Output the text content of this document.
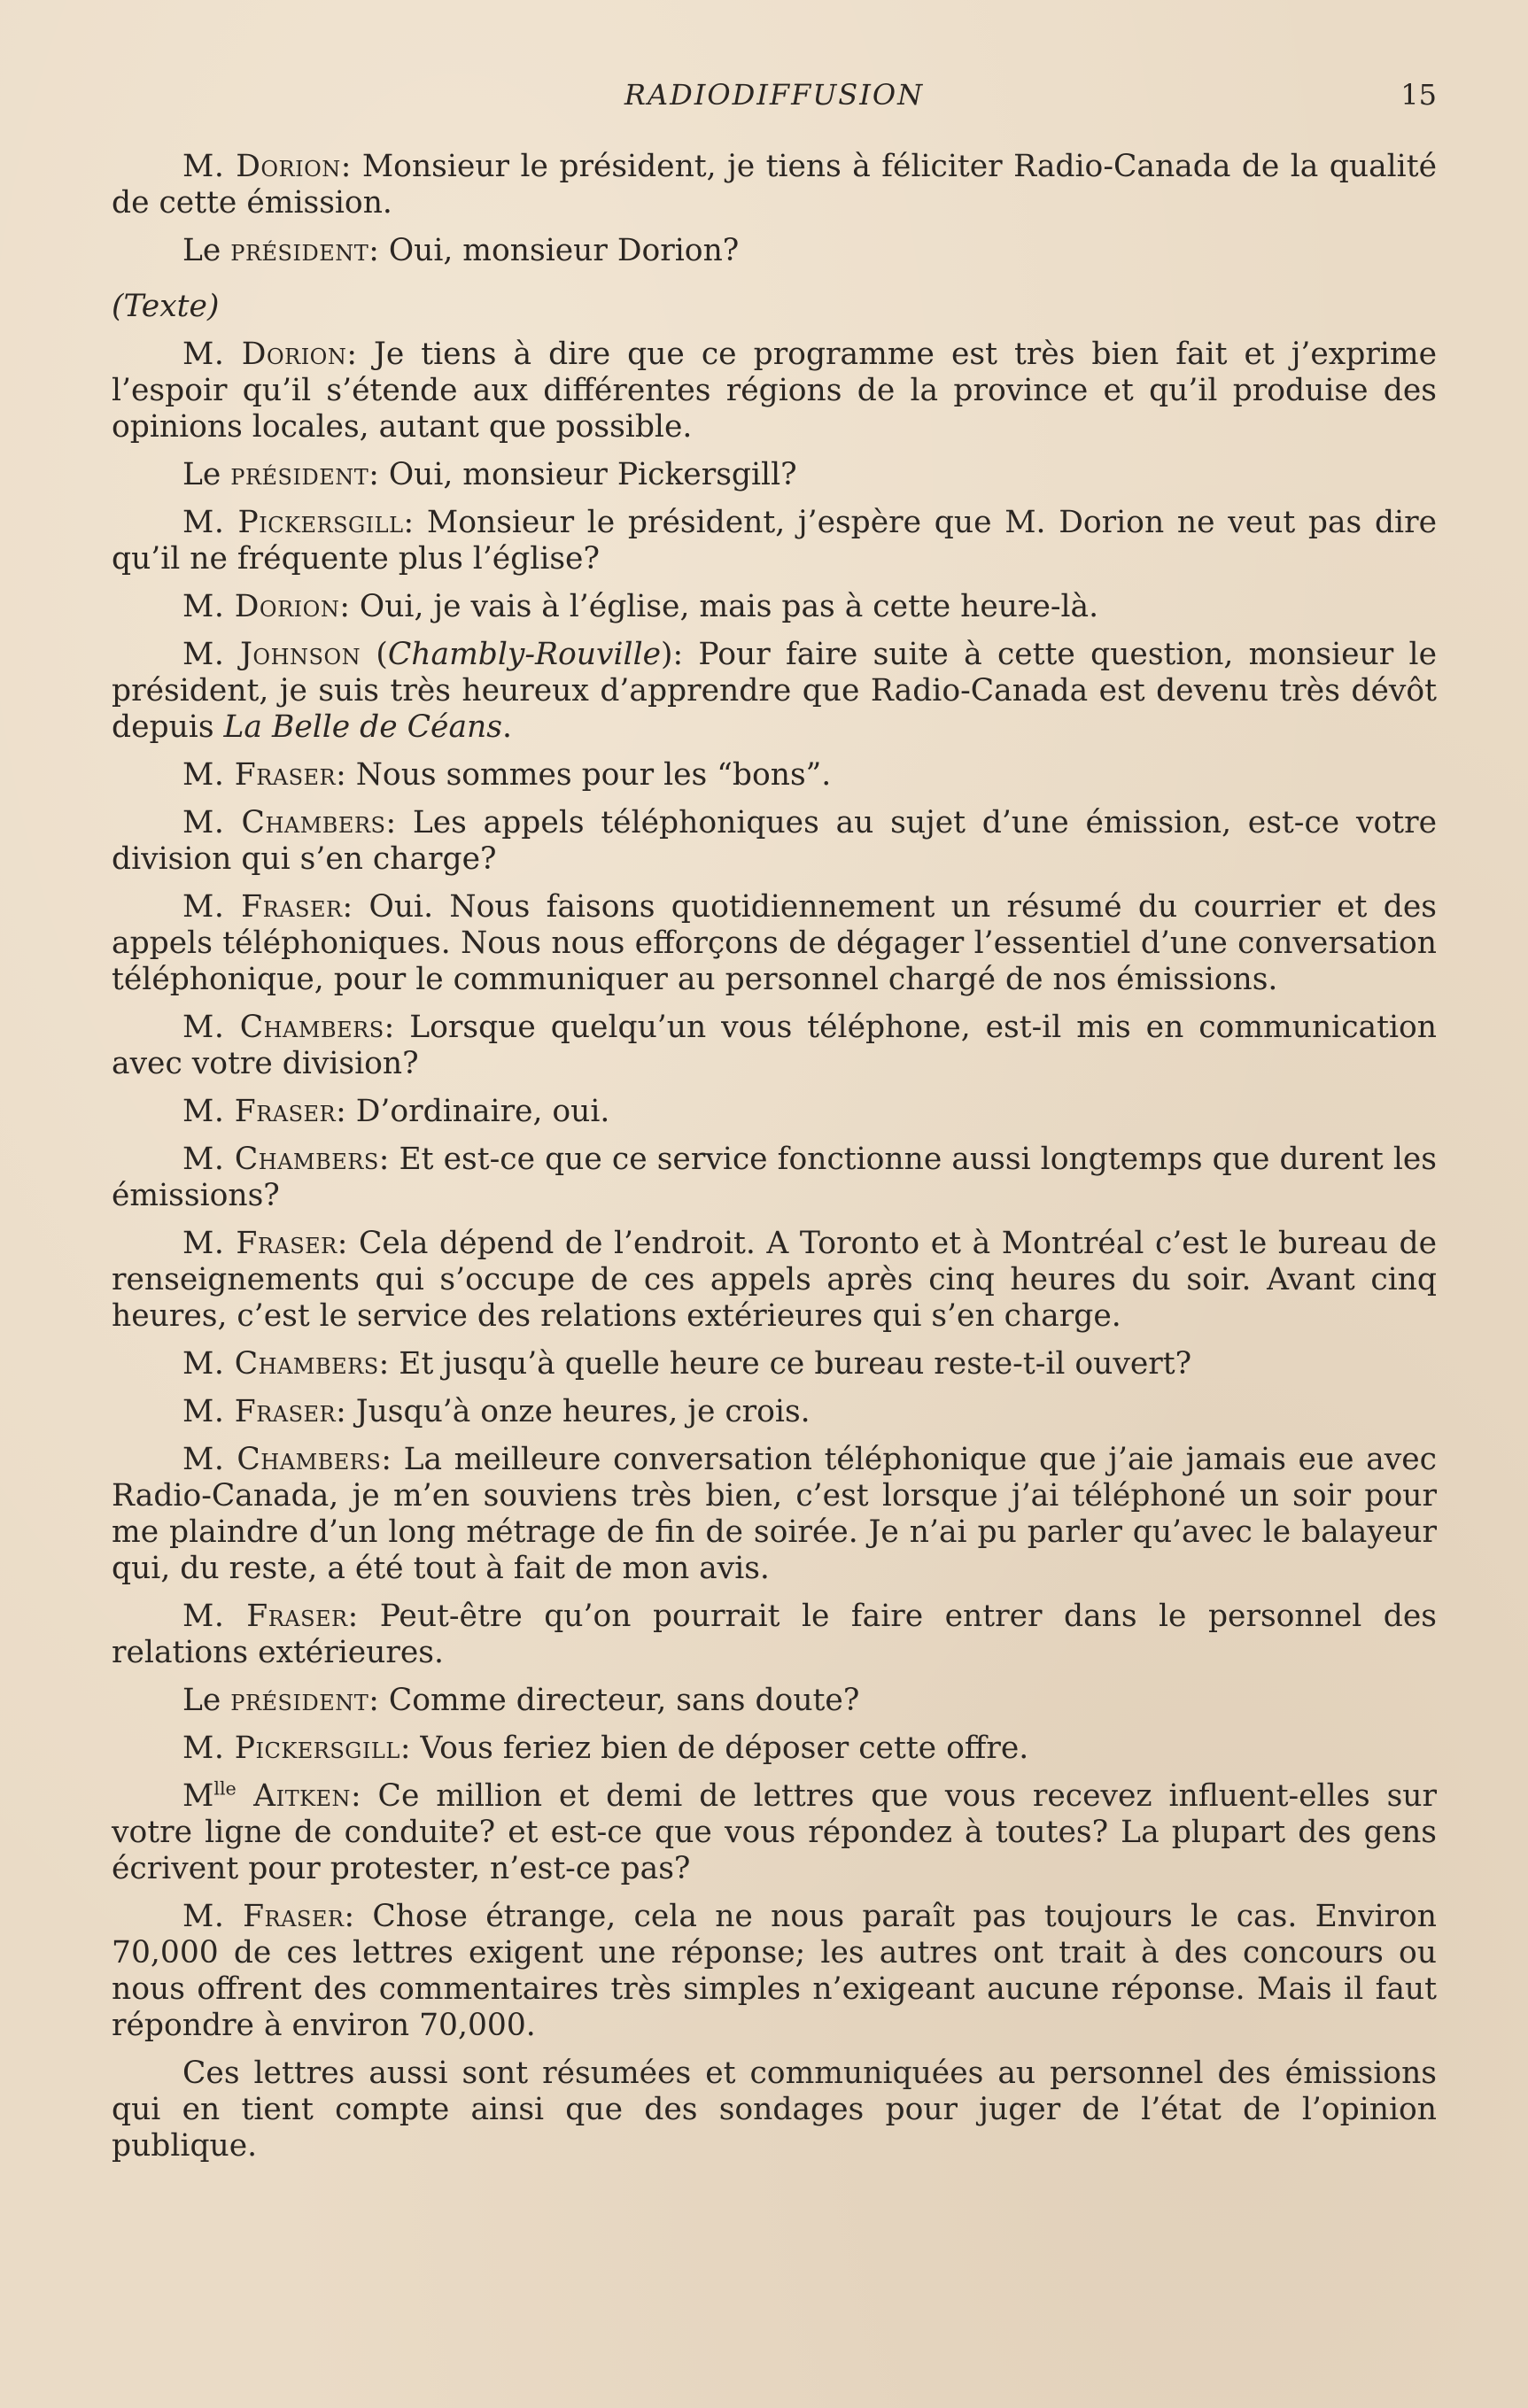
RADIODIFFUSION	15

M. Dorion: Monsieur le président, je tiens à féliciter Radio-Canada de la qualité de cette émission.

Le président: Oui, monsieur Dorion?

(Texte)

M. Dorion: Je tiens à dire que ce programme est très bien fait et j’exprime l’espoir qu’il s’étende aux différentes régions de la province et qu’il produise des opinions locales, autant que possible.

Le président: Oui, monsieur Pickersgill?

M. Pickersgill: Monsieur le président, j’espère que M. Dorion ne veut pas dire qu’il ne fréquente plus l’église?

M. Dorion: Oui, je vais à l’église, mais pas à cette heure-là.

M. Johnson (Chambly-Rouville): Pour faire suite à cette question, monsieur le président, je suis très heureux d’apprendre que Radio-Canada est devenu très dévôt depuis La Belle de Céans.

M. Fraser: Nous sommes pour les “bons”.

M. Chambers: Les appels téléphoniques au sujet d’une émission, est-ce votre division qui s’en charge?

M. Fraser: Oui. Nous faisons quotidiennement un résumé du courrier et des appels téléphoniques. Nous nous efforçons de dégager l’essentiel d’une conversation téléphonique, pour le communiquer au personnel chargé de nos émissions.

M. Chambers: Lorsque quelqu’un vous téléphone, est-il mis en communication avec votre division?

M. Fraser: D’ordinaire, oui.

M. Chambers: Et est-ce que ce service fonctionne aussi longtemps que durent les émissions?

M. Fraser: Cela dépend de l’endroit. A Toronto et à Montréal c’est le bureau de renseignements qui s’occupe de ces appels après cinq heures du soir. Avant cinq heures, c’est le service des relations extérieures qui s’en charge.

M. Chambers: Et jusqu’à quelle heure ce bureau reste-t-il ouvert?

M. Fraser: Jusqu’à onze heures, je crois.

M. Chambers: La meilleure conversation téléphonique que j’aie jamais eue avec Radio-Canada, je m’en souviens très bien, c’est lorsque j’ai téléphoné un soir pour me plaindre d’un long métrage de fin de soirée. Je n’ai pu parler qu’avec le balayeur qui, du reste, a été tout à fait de mon avis.

M. Fraser: Peut-être qu’on pourrait le faire entrer dans le personnel des relations extérieures.

Le président: Comme directeur, sans doute?

M. Pickersgill: Vous feriez bien de déposer cette offre.

$M^{lle}$ Aitken: Ce million et demi de lettres que vous recevez influent-elles sur votre ligne de conduite? et est-ce que vous répondez à toutes? La plupart des gens écrivent pour protester, n’est-ce pas?

M. Fraser: Chose étrange, cela ne nous paraît pas toujours le cas. Environ 70,000 de ces lettres exigent une réponse; les autres ont trait à des concours ou nous offrent des commentaires très simples n’exigeant aucune réponse. Mais il faut répondre à environ 70,000.

Ces lettres aussi sont résumées et communiquées au personnel des émissions qui en tient compte ainsi que des sondages pour juger de l’état de l’opinion publique.
